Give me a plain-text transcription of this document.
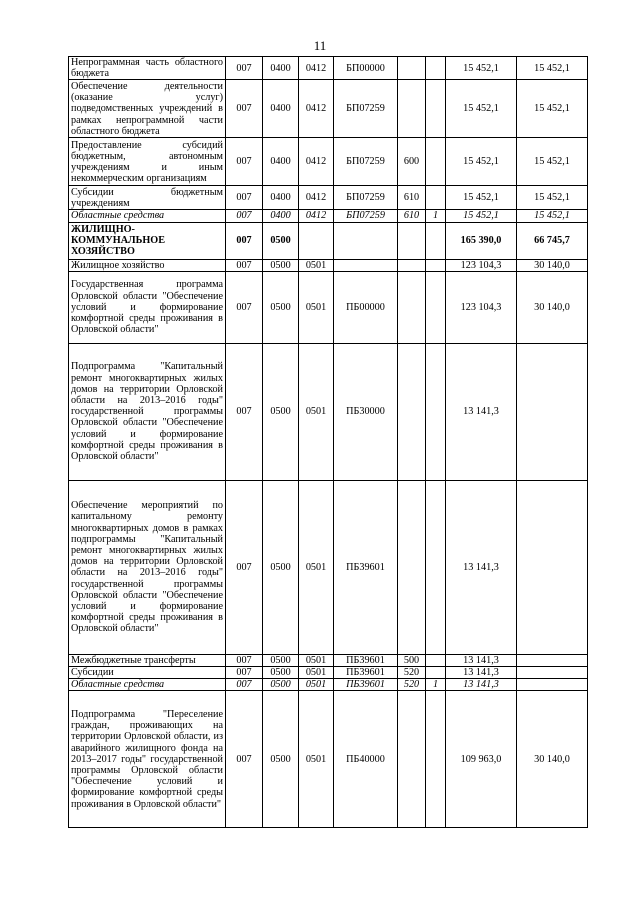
11
Непрограммная часть областного бюджета	007	0400	0412	БП00000			15 452,1	15 452,1
Обеспечение деятельности (оказание услуг) подведомственных учреждений в рамках непрограммной части областного бюджета	007	0400	0412	БП07259			15 452,1	15 452,1
Предоставление субсидий бюджетным, автономным учреждениям и иным некоммерческим организациям	007	0400	0412	БП07259	600		15 452,1	15 452,1
Субсидии бюджетным учреждениям	007	0400	0412	БП07259	610		15 452,1	15 452,1
Областные средства	007	0400	0412	БП07259	610	1	15 452,1	15 452,1
ЖИЛИЩНО-КОММУНАЛЬНОЕ ХОЗЯЙСТВО	007	0500					165 390,0	66 745,7
Жилищное хозяйство	007	0500	0501				123 104,3	30 140,0
Государственная программа Орловской области "Обеспечение условий и формирование комфортной среды проживания в Орловской области"	007	0500	0501	ПБ00000			123 104,3	30 140,0
Подпрограмма "Капитальный ремонт многоквартирных жилых домов на территории Орловской области на 2013–2016 годы" государственной программы Орловской области "Обеспечение условий и формирование комфортной среды проживания в Орловской области"	007	0500	0501	ПБ30000			13 141,3	
Обеспечение мероприятий по капитальному ремонту многоквартирных домов в рамках подпрограммы "Капитальный ремонт многоквартирных жилых домов на территории Орловской области на 2013–2016 годы" государственной программы Орловской области "Обеспечение условий и формирование комфортной среды проживания в Орловской области"	007	0500	0501	ПБ39601			13 141,3	
Межбюджетные трансферты	007	0500	0501	ПБ39601	500		13 141,3	
Субсидии	007	0500	0501	ПБ39601	520		13 141,3	
Областные средства	007	0500	0501	ПБ39601	520	1	13 141,3	
Подпрограмма "Переселение граждан, проживающих на территории Орловской области, из аварийного жилищного фонда на 2013–2017 годы" государственной программы Орловской области "Обеспечение условий и формирование комфортной среды проживания в Орловской области"	007	0500	0501	ПБ40000			109 963,0	30 140,0
